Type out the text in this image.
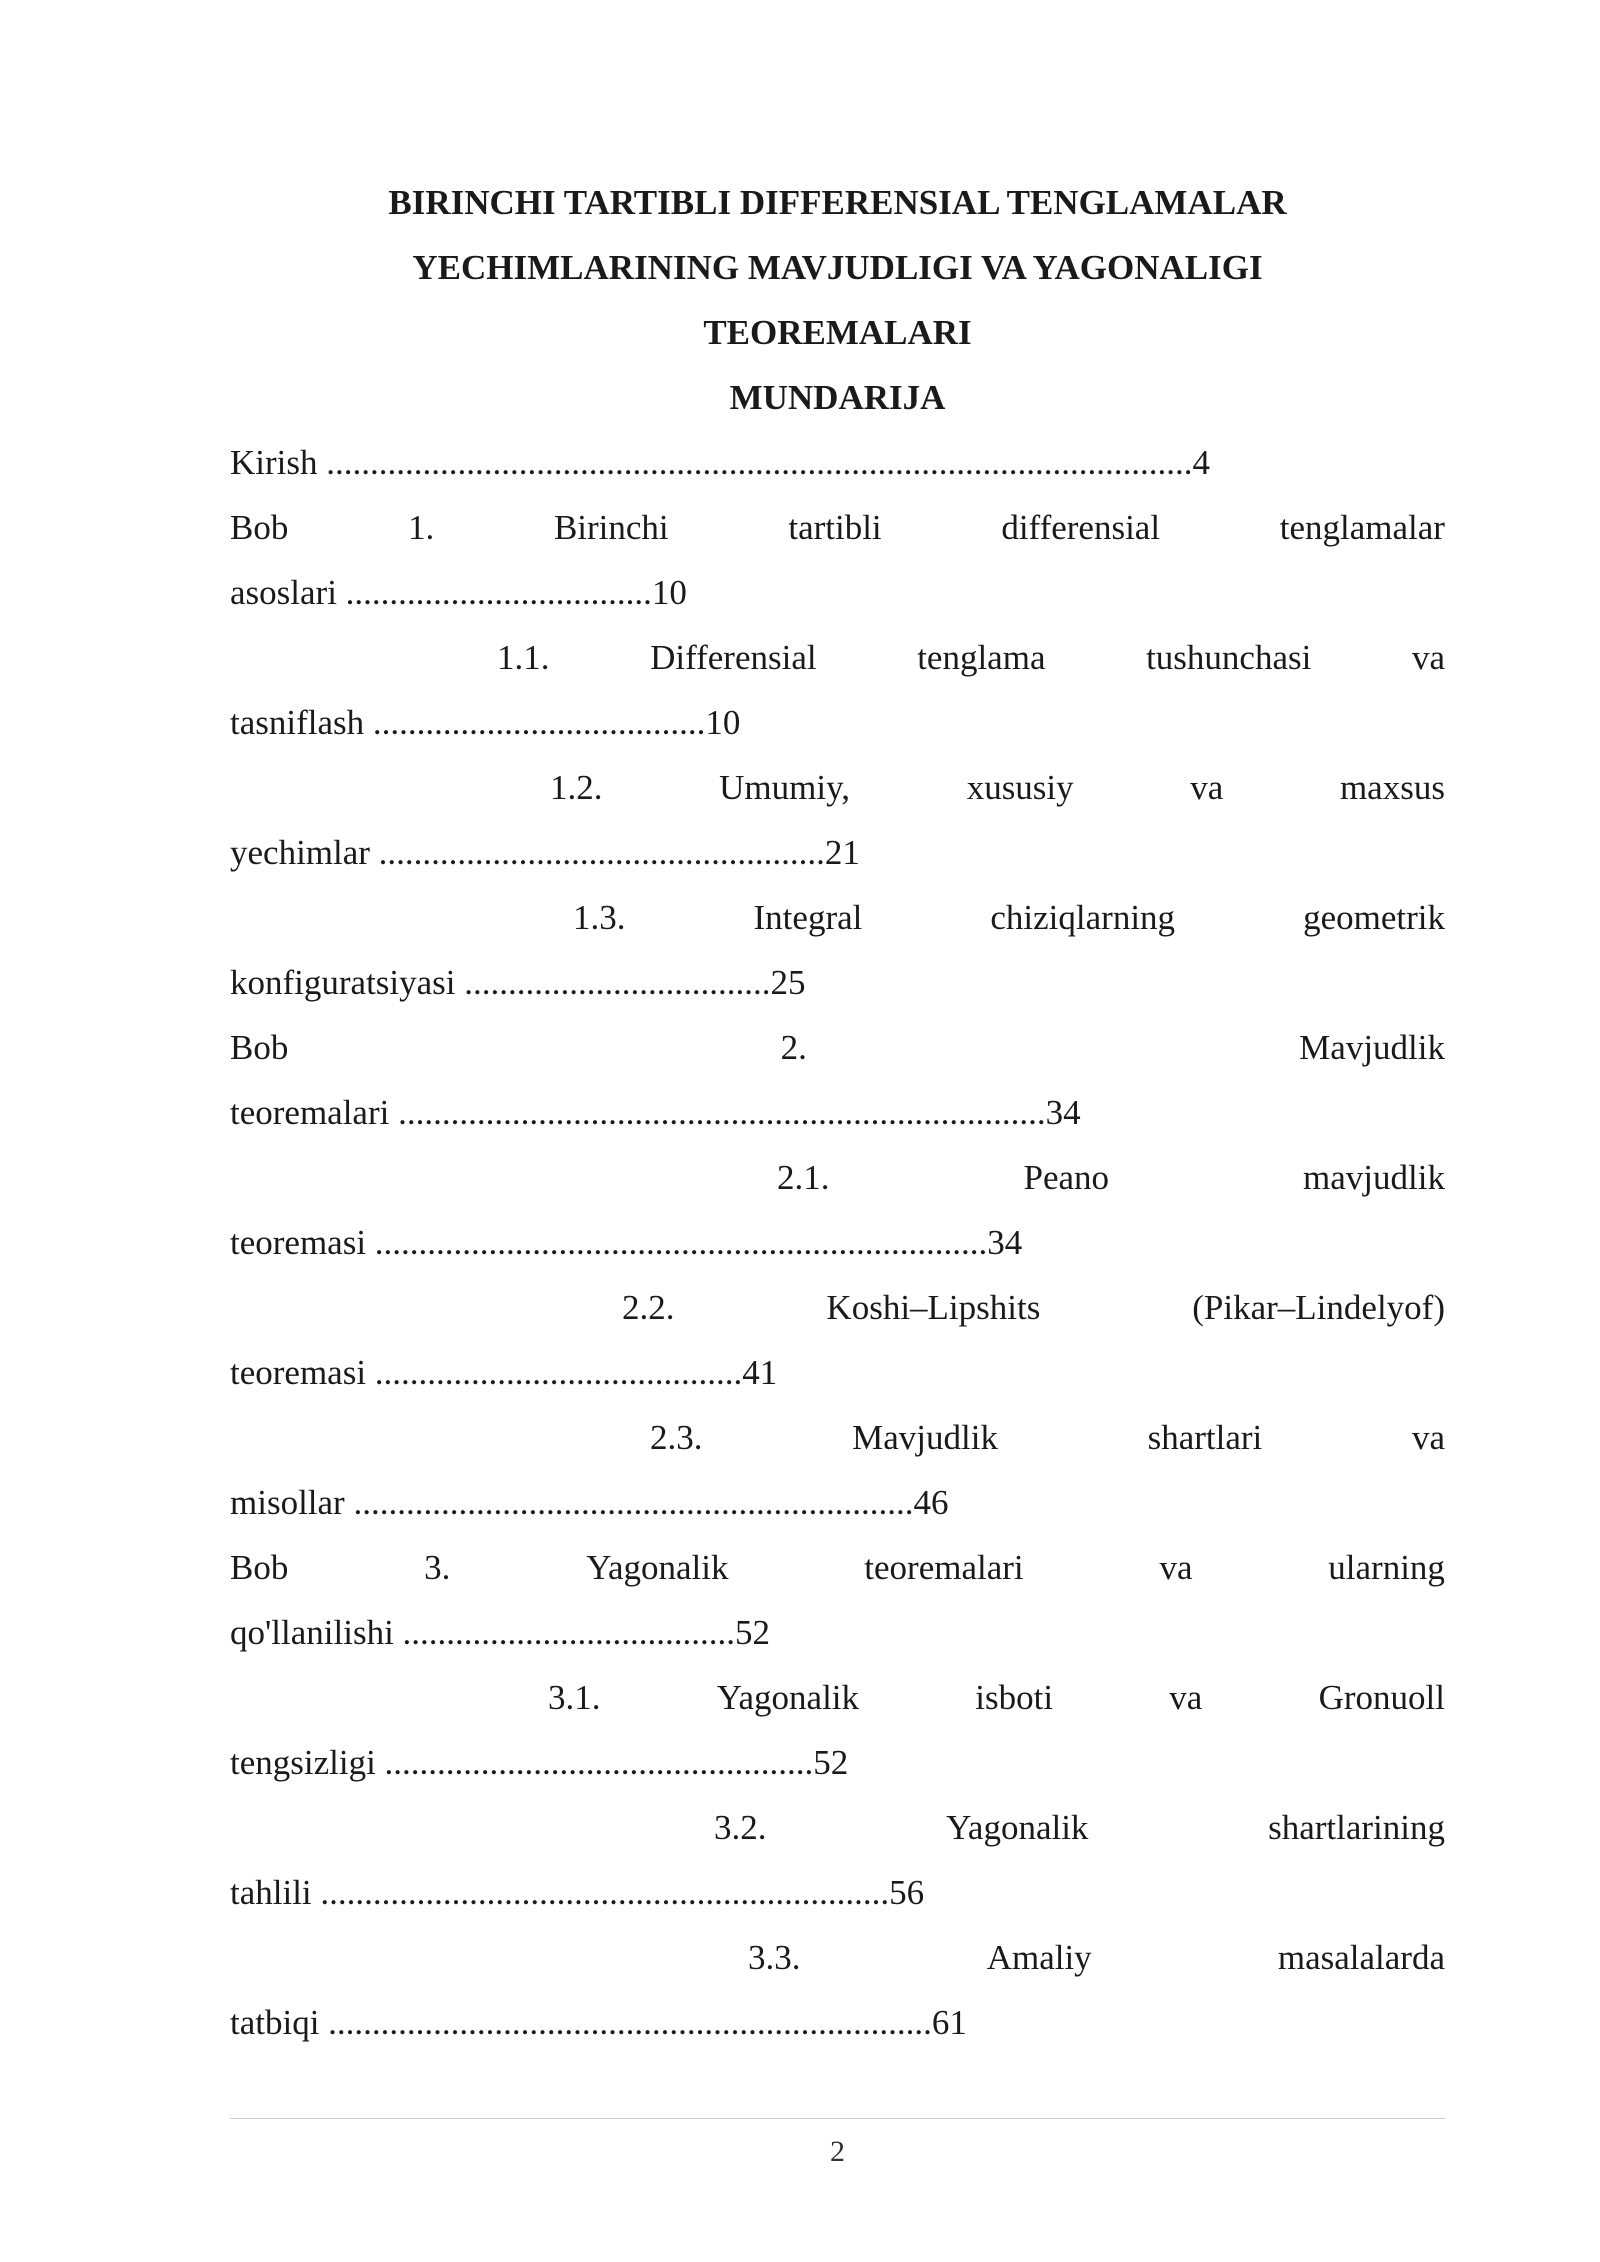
BIRINCHI TARTIBLI DIFFERENSIAL TENGLAMALAR
YECHIMLARINING MAVJUDLIGI VA YAGONALIGI
TEOREMALARI
MUNDARIJA
Kirish ...................................................................................................4
Bob	1.	Birinchi	tartibli	differensial	tenglamalar
asoslari ...................................10
1.1.	Differensial	tenglama	tushunchasi	va
tasniflash ......................................10
1.2.	Umumiy,	xususiy	va	maxsus
yechimlar ...................................................21
1.3.	Integral	chiziqlarning	geometrik
konfiguratsiyasi ...................................25
Bob	2.	Mavjudlik
teoremalari ..........................................................................34
2.1.	Peano	mavjudlik
teoremasi ......................................................................34
2.2.	Koshi–Lipshits	(Pikar–Lindelyof)
teoremasi ..........................................41
2.3.	Mavjudlik	shartlari	va
misollar ................................................................46
Bob	3.	Yagonalik	teoremalari	va	ularning
qo'llanilishi ......................................52
3.1.	Yagonalik	isboti	va	Gronuoll
tengsizligi .................................................52
3.2.	Yagonalik	shartlarining
tahlili .................................................................56
3.3.	Amaliy	masalalarda
tatbiqi .....................................................................61
2
